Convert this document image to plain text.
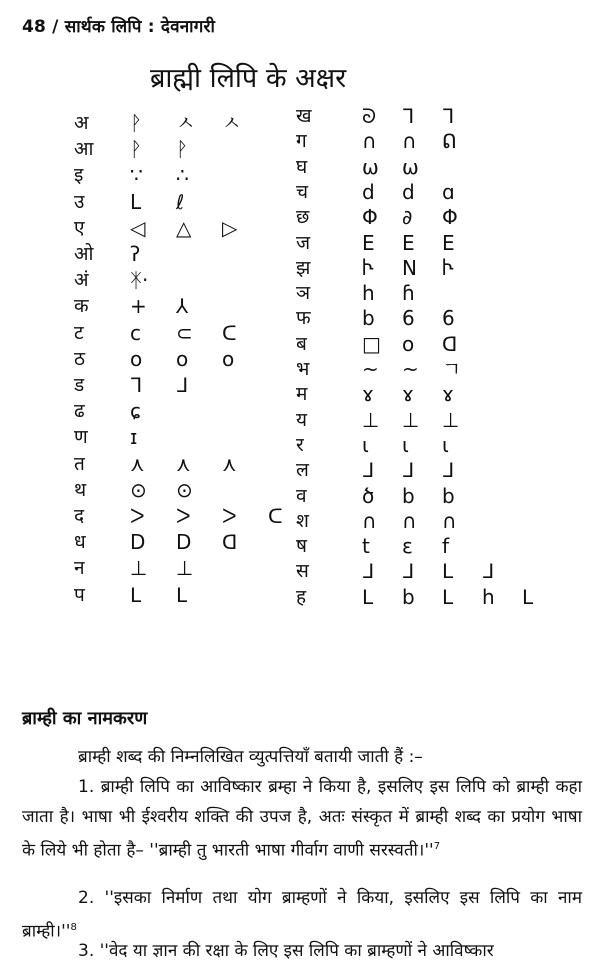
48 / सार्थक लिपि : देवनागरी
ब्राह्मी लिपि के अक्षर
अ ᚹ ㅅ ㅅ
आ ᚹ ᚹ
इ ∵ ∴
उ L ℓ
ए ◁ △ ▷
ओ ʔ
अं ᛡ·
क + ⅄
ट c ⊂ ᑕ
ठ o o o
ड ᒣ ᒧ
ढ ɕ
ण ɪ
त ⋏ ⋏ ⋏
थ ⊙ ⊙
द ᐳ ᐳ ᐳ ᑕ
ध D D ᗡ
न ⊥ ⊥
प ᒪ ᒪ
ख	ᘐ ᒣ ᒣ
ग	∩ ∩ ᕠ
घ	ω ω
च	d d ɑ
छ	Φ ∂ Φ
ज	E E E
झ	Ⴡ N Ⴡ
ञ	h ɦ
फ	b 6 6
ब	□ o ᗡ
भ	~ ~ ㄱ
म	ɤ ɤ ɤ
य	⊥ ⊥ ⊥
र	ι ι ι
ल	ᒧ ᒧ ᒧ
व	ծ b b
श	∩ ∩ ∩
ष	t ε f
स	ᒧ ᒧ ᒪ ᒧ
ह	ᒪ b ᒪ h ᒪ
ब्राम्ही का नामकरण
ब्राम्ही शब्द की निम्नलिखित व्युत्पत्तियाँ बतायी जाती हैं :–
1. ब्राम्ही लिपि का आविष्कार ब्रम्हा ने किया है, इसलिए इस लिपि को ब्राम्ही कहा जाता है। भाषा भी ईश्वरीय शक्ति की उपज है, अतः संस्कृत में ब्राम्ही शब्द का प्रयोग भाषा के लिये भी होता है– ''ब्राम्ही तु भारती भाषा गीर्वाग वाणी $सरस्वती।''^7$
2. ''इसका निर्माण तथा योग ब्राम्हणों ने किया, इसलिए इस लिपि का नाम $ब्राम्ही।''^8$
3. ''वेद या ज्ञान की रक्षा के लिए इस लिपि का ब्राम्हणों ने आविष्कार
